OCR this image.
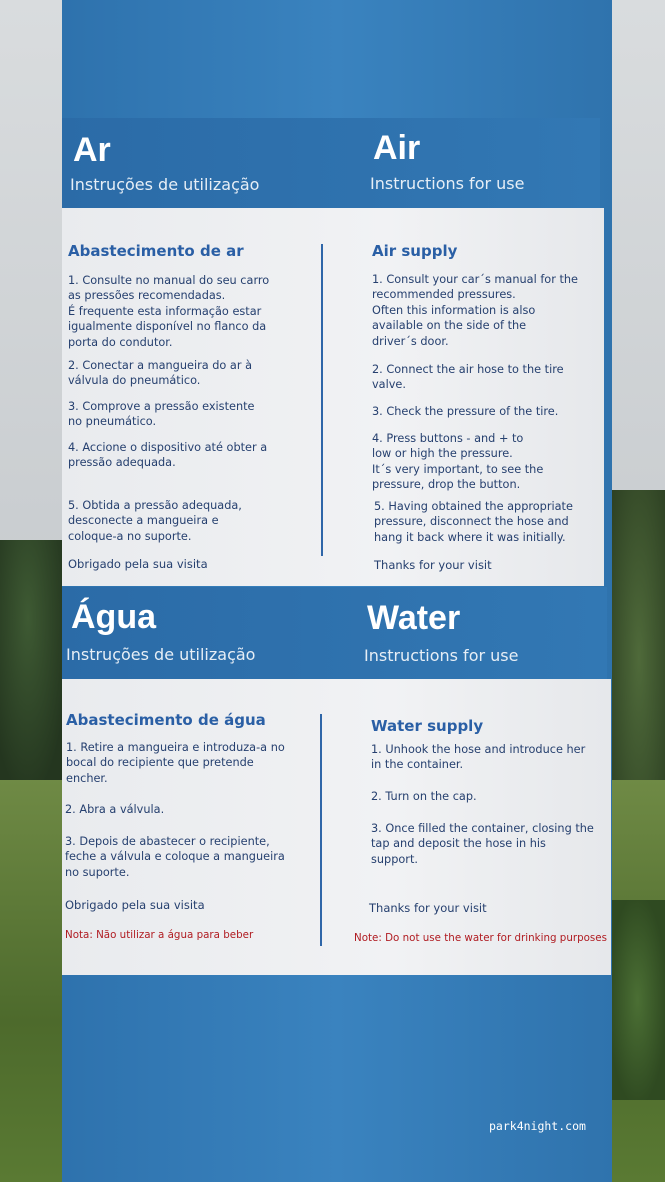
Ar
Instruções de utilização
Air
Instructions for use
Abastecimento de ar
1. Consulte no manual do seu carro
as pressões recomendadas.
É frequente esta informação estar
igualmente disponível no flanco da
porta do condutor.
2. Conectar a mangueira do ar à
válvula do pneumático.
3. Comprove a pressão existente
no pneumático.
4. Accione o dispositivo até obter a
pressão adequada.
5. Obtida a pressão adequada,
desconecte a mangueira e
coloque-a no suporte.
Obrigado pela sua visita
Air supply
1. Consult your car´s manual for the
recommended pressures.
Often this information is also
available on the side of the
driver´s door.
2. Connect the air hose to the tire
valve.
3. Check the pressure of the tire.
4. Press buttons - and + to
low or high the pressure.
It´s very important, to see the
pressure, drop the button.
5. Having obtained the appropriate
pressure, disconnect the hose and
hang it back where it was initially.
Thanks for your visit
Água
Instruções de utilização
Water
Instructions for use
Abastecimento de água
1. Retire a mangueira e introduza-a no
bocal do recipiente que pretende
encher.
2. Abra a válvula.
3. Depois de abastecer o recipiente,
feche a válvula e coloque a mangueira
no suporte.
Obrigado pela sua visita
Nota: Não utilizar a água para beber
Water supply
1. Unhook the hose and introduce her
in the container.
2. Turn on the cap.
3. Once filled the container, closing the
tap and deposit the hose in his
support.
Thanks for your visit
Note: Do not use the water for drinking purposes
park4night.com
